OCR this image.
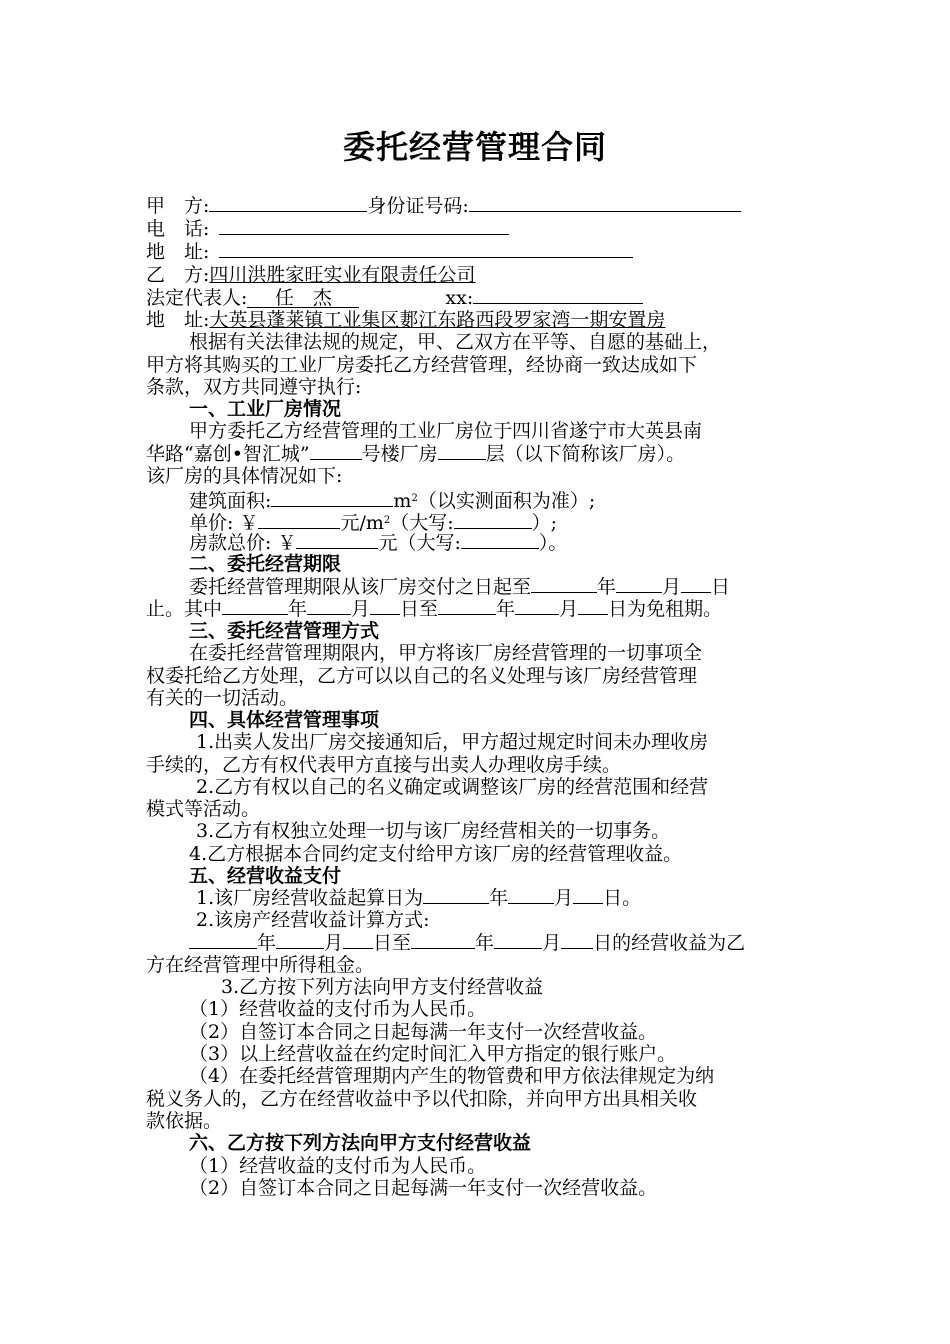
委托经营管理合同
甲　方:	身份证号码:
电　话:
地　址:
乙　方:四川洪胜家旺实业有限责任公司
法定代表人: 任　杰	xx:
地　址:大英县蓬莱镇工业集区郪江东路西段罗家湾一期安置房
根据有关法律法规的规定，甲、乙双方在平等、自愿的基础上，
甲方将其购买的工业厂房委托乙方经营管理，经协商一致达成如下
条款，双方共同遵守执行:
一、工业厂房情况
甲方委托乙方经营管理的工业厂房位于四川省遂宁市大英县南
华路“嘉创•智汇城”	号楼厂房	层（以下简称该厂房）。
该厂房的具体情况如下:
建筑面积:	$m^2$（以实测面积为准）;
单价: ￥	元$/m^2$（大写:	）;
房款总价: ￥	元（大写:	）。
二、委托经营期限
委托经营管理期限从该厂房交付之日起至	年 月 日
止。其中	年 月 日至	年 月 日为免租期。
三、委托经营管理方式
在委托经营管理期限内，甲方将该厂房经营管理的一切事项全
权委托给乙方处理，乙方可以以自己的名义处理与该厂房经营管理
有关的一切活动。
四、具体经营管理事项
1.出卖人发出厂房交接通知后，甲方超过规定时间未办理收房
手续的，乙方有权代表甲方直接与出卖人办理收房手续。
2.乙方有权以自己的名义确定或调整该厂房的经营范围和经营
模式等活动。
3.乙方有权独立处理一切与该厂房经营相关的一切事务。
4.乙方根据本合同约定支付给甲方该厂房的经营管理收益。
五、经营收益支付
1.该厂房经营收益起算日为	年 月 日。
2.该房产经营收益计算方式:
年	月 日至	年	月 日的经营收益为乙
方在经营管理中所得租金。
3.乙方按下列方法向甲方支付经营收益
（1）经营收益的支付币为人民币。
（2）自签订本合同之日起每满一年支付一次经营收益。
（3）以上经营收益在约定时间汇入甲方指定的银行账户。
（4）在委托经营管理期内产生的物管费和甲方依法律规定为纳
税义务人的，乙方在经营收益中予以代扣除，并向甲方出具相关收
款依据。
六、乙方按下列方法向甲方支付经营收益
（1）经营收益的支付币为人民币。
（2）自签订本合同之日起每满一年支付一次经营收益。
